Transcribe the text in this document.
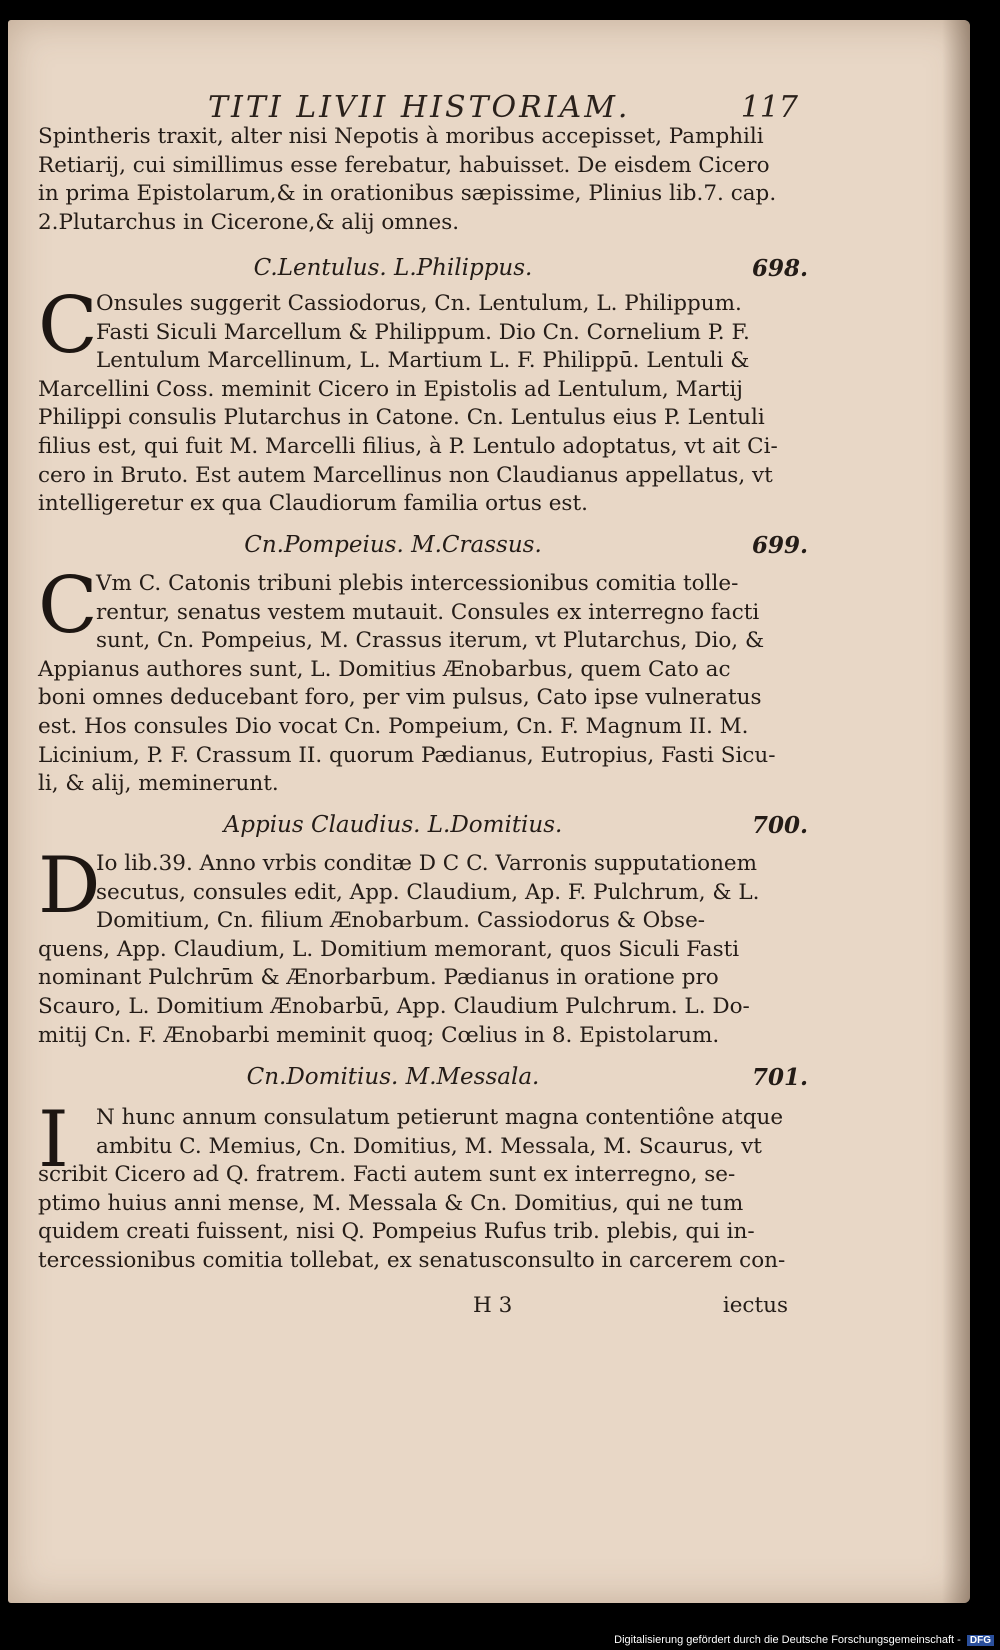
TITI LIVII HISTORIAM.	117
Spintheris traxit, alter nisi Nepotis à moribus accepisset, Pamphili
Retiarij, cui simillimus esse ferebatur, habuisset. De eisdem Cicero
in prima Epistolarum,& in orationibus sæpissime, Plinius lib.7. cap.
2.Plutarchus in Cicerone,& alij omnes.
C.Lentulus. L.Philippus.	698.
C
Onsules suggerit Cassiodorus, Cn. Lentulum, L. Philippum.
Fasti Siculi Marcellum & Philippum. Dio Cn. Cornelium P. F.
Lentulum Marcellinum, L. Martium L. F. Philippū. Lentuli &
Marcellini Coss. meminit Cicero in Epistolis ad Lentulum, Martij
Philippi consulis Plutarchus in Catone. Cn. Lentulus eius P. Lentuli
filius est, qui fuit M. Marcelli filius, à P. Lentulo adoptatus, vt ait Ci-
cero in Bruto. Est autem Marcellinus non Claudianus appellatus, vt
intelligeretur ex qua Claudiorum familia ortus est.
Cn.Pompeius. M.Crassus.	699.
C
Vm C. Catonis tribuni plebis intercessionibus comitia tolle-
rentur, senatus vestem mutauit. Consules ex interregno facti
sunt, Cn. Pompeius, M. Crassus iterum, vt Plutarchus, Dio, &
Appianus authores sunt, L. Domitius Ænobarbus, quem Cato ac
boni omnes deducebant foro, per vim pulsus, Cato ipse vulneratus
est. Hos consules Dio vocat Cn. Pompeium, Cn. F. Magnum II. M.
Licinium, P. F. Crassum II. quorum Pædianus, Eutropius, Fasti Sicu-
li, & alij, meminerunt.
Appius Claudius. L.Domitius.	700.
D
Io lib.39. Anno vrbis conditæ D C C. Varronis supputationem
secutus, consules edit, App. Claudium, Ap. F. Pulchrum, & L.
Domitium, Cn. filium Ænobarbum. Cassiodorus & Obse-
quens, App. Claudium, L. Domitium memorant, quos Siculi Fasti
nominant Pulchrūm & Ænorbarbum. Pædianus in oratione pro
Scauro, L. Domitium Ænobarbū, App. Claudium Pulchrum. L. Do-
mitij Cn. F. Ænobarbi meminit quoq; Cœlius in 8. Epistolarum.
Cn.Domitius. M.Messala.	701.
I	N hunc annum consulatum petierunt magna contentiône atque
ambitu C. Memius, Cn. Domitius, M. Messala, M. Scaurus, vt
scribit Cicero ad Q. fratrem. Facti autem sunt ex interregno, se-
ptimo huius anni mense, M. Messala & Cn. Domitius, qui ne tum
quidem creati fuissent, nisi Q. Pompeius Rufus trib. plebis, qui in-
tercessionibus comitia tollebat, ex senatusconsulto in carcerem con-
H 3	iectus
Digitalisierung gefördert durch die Deutsche Forschungsgemeinschaft - DFG
